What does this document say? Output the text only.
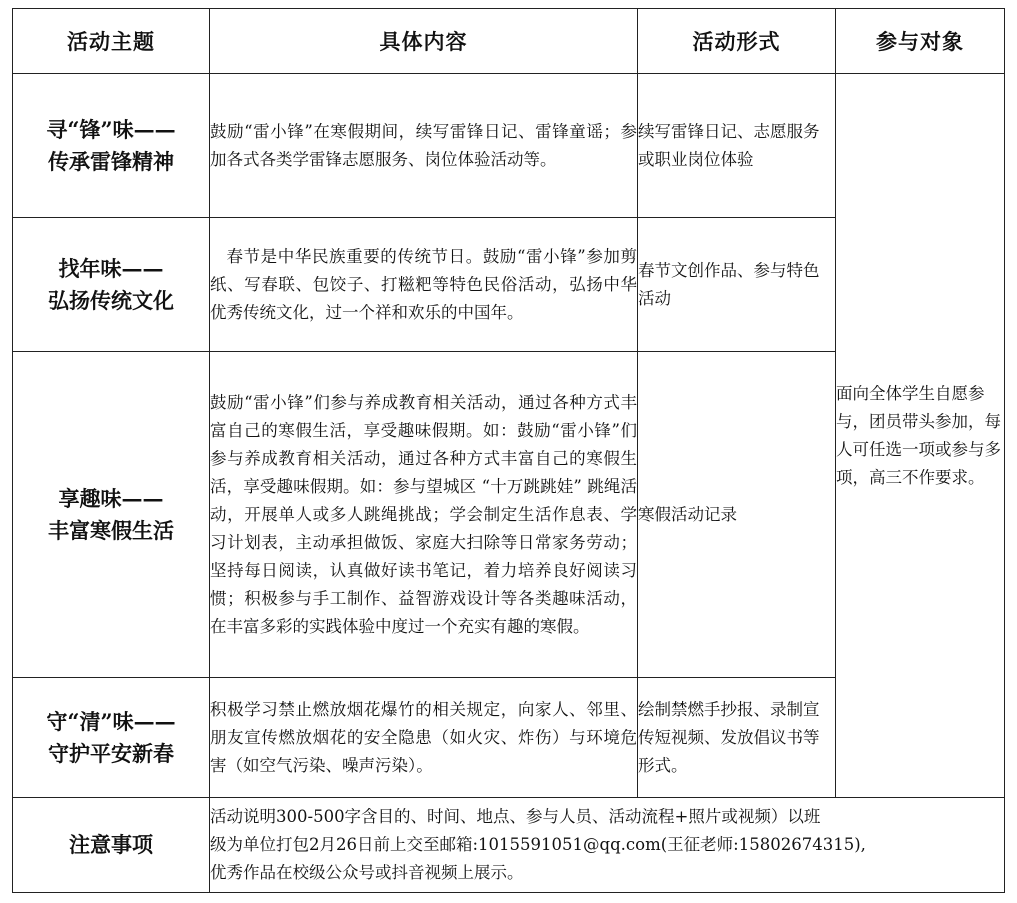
活动主题	具体内容	活动形式	参与对象

寻“锋”味——
传承雷锋精神	鼓励“雷小锋”在寒假期间，续写雷锋日记、雷锋童谣；参加各式各类学雷锋志愿服务、岗位体验活动等。	续写雷锋日记、志愿服务或职业岗位体验	面向全体学生自愿参与，团员带头参加，每人可任选一项或参与多项，高三不作要求。

找年味——
弘扬传统文化	春节是中华民族重要的传统节日。鼓励“雷小锋”参加剪纸、写春联、包饺子、打糍粑等特色民俗活动，弘扬中华优秀传统文化，过一个祥和欢乐的中国年。	春节文创作品、参与特色活动	

享趣味——
丰富寒假生活	鼓励“雷小锋”们参与养成教育相关活动，通过各种方式丰富自己的寒假生活，享受趣味假期。如：鼓励“雷小锋”们参与养成教育相关活动，通过各种方式丰富自己的寒假生活，享受趣味假期。如：参与望城区 “十万跳跳娃” 跳绳活动，开展单人或多人跳绳挑战；学会制定生活作息表、学习计划表，主动承担做饭、家庭大扫除等日常家务劳动；坚持每日阅读，认真做好读书笔记，着力培养良好阅读习惯；积极参与手工制作、益智游戏设计等各类趣味活动，在丰富多彩的实践体验中度过一个充实有趣的寒假。	寒假活动记录	

守“清”味——
守护平安新春	积极学习禁止燃放烟花爆竹的相关规定，向家人、邻里、朋友宣传燃放烟花的安全隐患（如火灾、炸伤）与环境危害（如空气污染、噪声污染）。	绘制禁燃手抄报、录制宣传短视频、发放倡议书等形式。	
注意事项	活动说明300-500字含目的、时间、地点、参与人员、活动流程+照片或视频）以班
级为单位打包2月26日前上交至邮箱:1015591051@qq.com(王征老师:15802674315),
优秀作品在校级公众号或抖音视频上展示。		
